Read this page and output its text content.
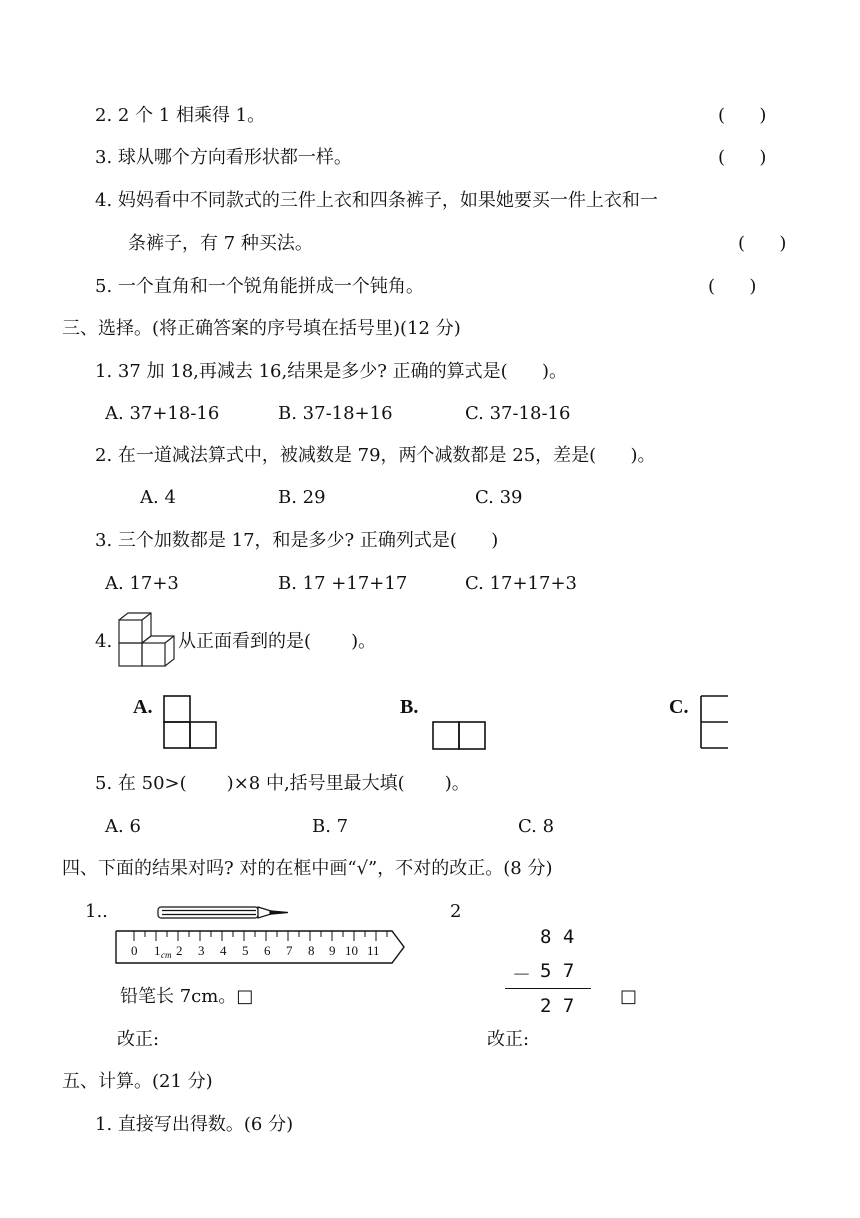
2. 2 个 1 相乘得 1。	(      )
3. 球从哪个方向看形状都一样。	(      )
4. 妈妈看中不同款式的三件上衣和四条裤子，如果她要买一件上衣和一
条裤子，有 7 种买法。	(      )
5. 一个直角和一个锐角能拼成一个钝角。	(      )
三、选择。(将正确答案的序号填在括号里)(12 分)
1. 37 加 18,再减去 16,结果是多少? 正确的算式是(      )。
A. 37+18-16	B. 37-18+16	C. 37-18-16
2. 在一道减法算式中，被减数是 79，两个减数都是 25，差是(      )。
A. 4	B. 29	C. 39
3. 三个加数都是 17，和是多少? 正确列式是(      )
A. 17+3	B. 17 +17+17	C. 17+17+3
4.	从正面看到的是(       )。
A.	B.	C.
5. 在 50>(       )×8 中,括号里最大填(       )。
A. 6	B. 7	C. 8
四、下面的结果对吗? 对的在框中画“√”，不对的改正。(8 分)
1..
0 1 cm 2 3 4 5 6 7 8 9 10 11
铅笔长 7cm。□
改正:
2
8 4
－ 5 7
2 7	□
改正:
五、计算。(21 分)
1. 直接写出得数。(6 分)
